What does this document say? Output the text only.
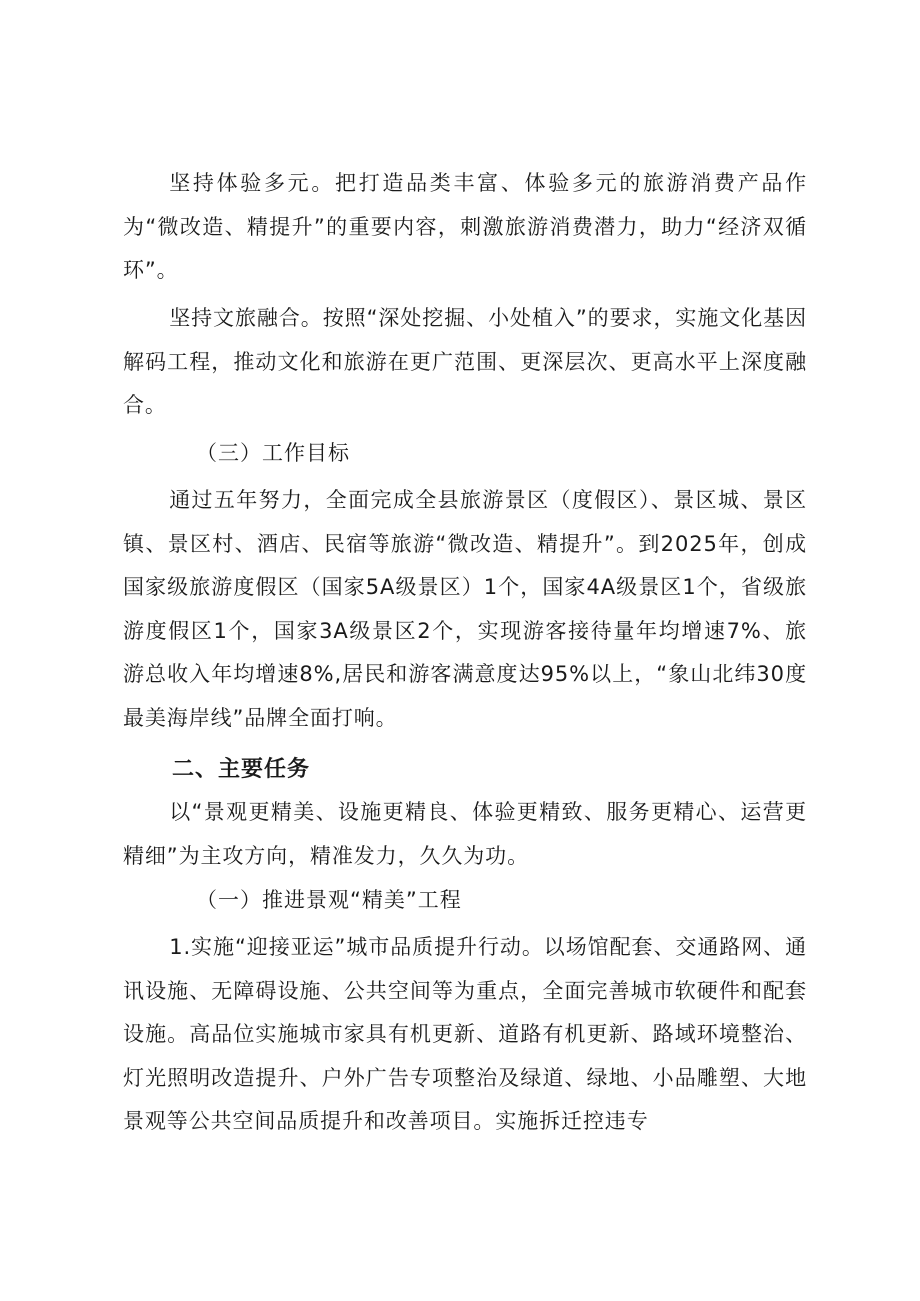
坚持体验多元。把打造品类丰富、体验多元的旅游消费产品作为“微改造、精提升”的重要内容，刺激旅游消费潜力，助力“经济双循环”。

坚持文旅融合。按照“深处挖掘、小处植入”的要求，实施文化基因解码工程，推动文化和旅游在更广范围、更深层次、更高水平上深度融合。

（三）工作目标

通过五年努力，全面完成全县旅游景区（度假区）、景区城、景区镇、景区村、酒店、民宿等旅游“微改造、精提升”。到2025年，创成国家级旅游度假区（国家5A级景区）1个，国家4A级景区1个，省级旅游度假区1个，国家3A级景区2个，实现游客接待量年均增速7%、旅游总收入年均增速8%,居民和游客满意度达95%以上，“象山北纬30度最美海岸线”品牌全面打响。

二、主要任务

以“景观更精美、设施更精良、体验更精致、服务更精心、运营更精细”为主攻方向，精准发力，久久为功。

（一）推进景观“精美”工程

1.实施“迎接亚运”城市品质提升行动。以场馆配套、交通路网、通讯设施、无障碍设施、公共空间等为重点，全面完善城市软硬件和配套设施。高品位实施城市家具有机更新、道路有机更新、路域环境整治、灯光照明改造提升、户外广告专项整治及绿道、绿地、小品雕塑、大地景观等公共空间品质提升和改善项目。实施拆迁控违专
